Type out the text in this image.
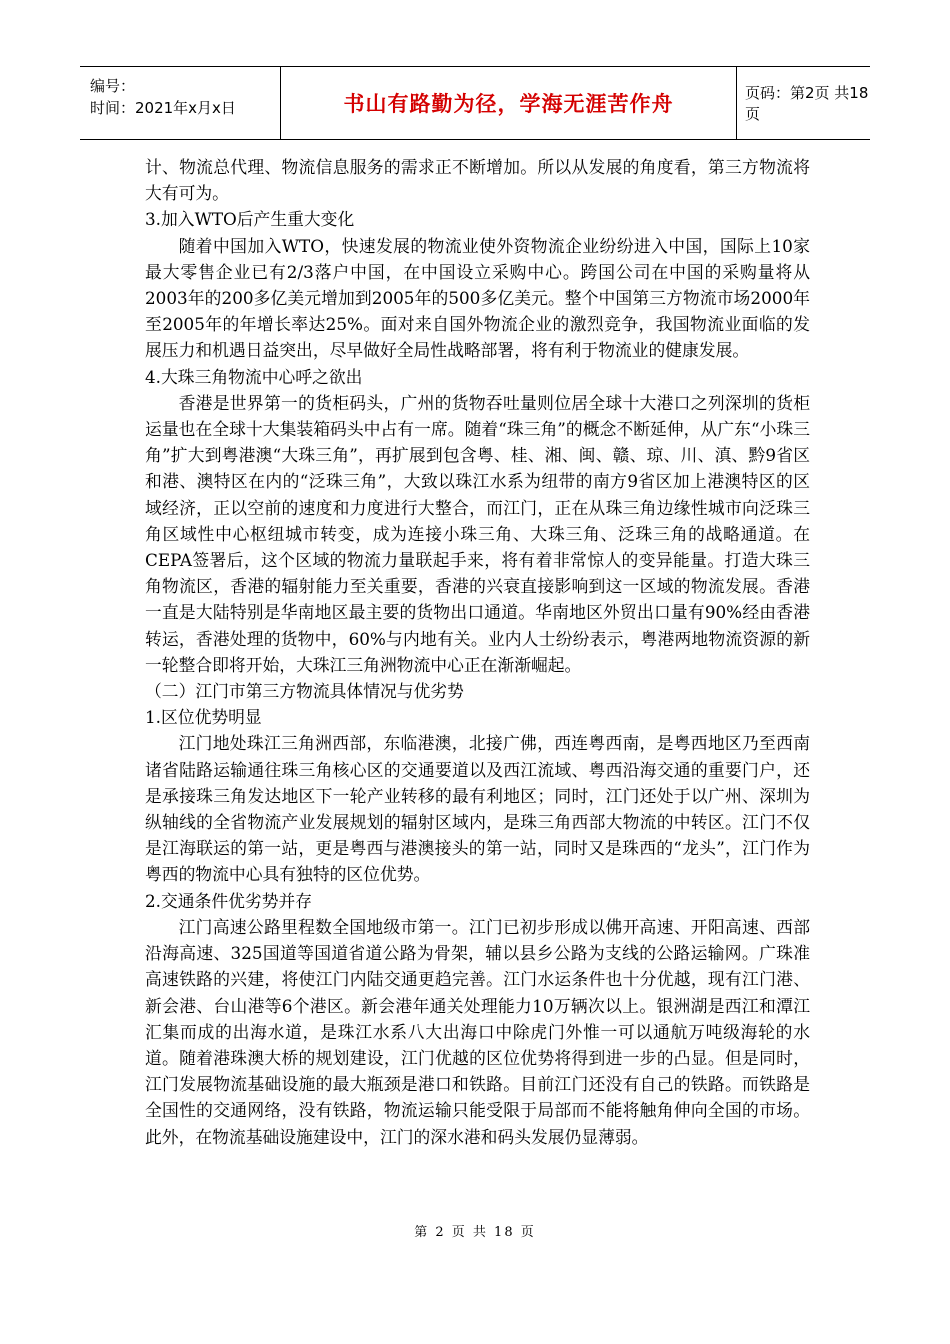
编号：
时间：2021年x月x日	书山有路勤为径，学海无涯苦作舟	页码：第2页 共18页

计、物流总代理、物流信息服务的需求正不断增加。所以从发展的角度看，第三方物流将大有可为。

3.加入WTO后产生重大变化

随着中国加入WTO，快速发展的物流业使外资物流企业纷纷进入中国，国际上10家最大零售企业已有2/3落户中国，在中国设立采购中心。跨国公司在中国的采购量将从2003年的200多亿美元增加到2005年的500多亿美元。整个中国第三方物流市场2000年至2005年的年增长率达25%。面对来自国外物流企业的激烈竞争，我国物流业面临的发展压力和机遇日益突出，尽早做好全局性战略部署，将有利于物流业的健康发展。

4.大珠三角物流中心呼之欲出

香港是世界第一的货柜码头，广州的货物吞吐量则位居全球十大港口之列深圳的货柜运量也在全球十大集装箱码头中占有一席。随着“珠三角”的概念不断延伸，从广东“小珠三角”扩大到粤港澳“大珠三角”，再扩展到包含粤、桂、湘、闽、赣、琼、川、滇、黔9省区和港、澳特区在内的“泛珠三角”，大致以珠江水系为纽带的南方9省区加上港澳特区的区域经济，正以空前的速度和力度进行大整合，而江门，正在从珠三角边缘性城市向泛珠三角区域性中心枢纽城市转变，成为连接小珠三角、大珠三角、泛珠三角的战略通道。在CEPA签署后，这个区域的物流力量联起手来，将有着非常惊人的变异能量。打造大珠三角物流区，香港的辐射能力至关重要，香港的兴衰直接影响到这一区域的物流发展。香港一直是大陆特别是华南地区最主要的货物出口通道。华南地区外贸出口量有90%经由香港转运，香港处理的货物中，60%与内地有关。业内人士纷纷表示，粤港两地物流资源的新一轮整合即将开始，大珠江三角洲物流中心正在渐渐崛起。

（二）江门市第三方物流具体情况与优劣势

1.区位优势明显

江门地处珠江三角洲西部，东临港澳，北接广佛，西连粤西南，是粤西地区乃至西南诸省陆路运输通往珠三角核心区的交通要道以及西江流域、粤西沿海交通的重要门户，还是承接珠三角发达地区下一轮产业转移的最有利地区；同时，江门还处于以广州、深圳为纵轴线的全省物流产业发展规划的辐射区域内，是珠三角西部大物流的中转区。江门不仅是江海联运的第一站，更是粤西与港澳接头的第一站，同时又是珠西的“龙头”，江门作为粤西的物流中心具有独特的区位优势。

2.交通条件优劣势并存

江门高速公路里程数全国地级市第一。江门已初步形成以佛开高速、开阳高速、西部沿海高速、325国道等国道省道公路为骨架，辅以县乡公路为支线的公路运输网。广珠准高速铁路的兴建，将使江门内陆交通更趋完善。江门水运条件也十分优越，现有江门港、新会港、台山港等6个港区。新会港年通关处理能力10万辆次以上。银洲湖是西江和潭江汇集而成的出海水道，是珠江水系八大出海口中除虎门外惟一可以通航万吨级海轮的水道。随着港珠澳大桥的规划建设，江门优越的区位优势将得到进一步的凸显。但是同时，江门发展物流基础设施的最大瓶颈是港口和铁路。目前江门还没有自己的铁路。而铁路是全国性的交通网络，没有铁路，物流运输只能受限于局部而不能将触角伸向全国的市场。此外，在物流基础设施建设中，江门的深水港和码头发展仍显薄弱。

第 2 页 共 18 页
